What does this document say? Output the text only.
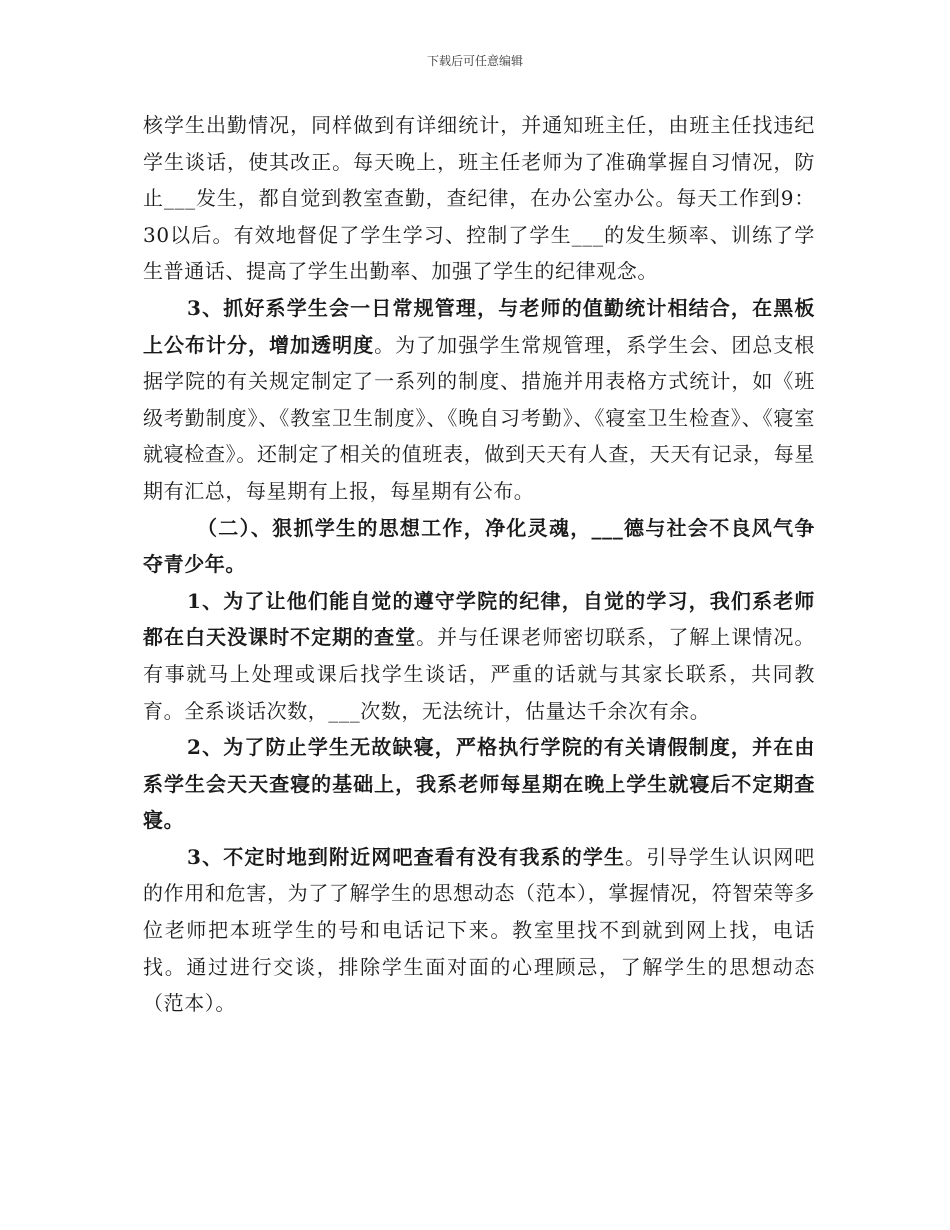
下载后可任意编辑

核学生出勤情况，同样做到有详细统计，并通知班主任，由班主任找违纪学生谈话，使其改正。每天晚上，班主任老师为了准确掌握自习情况，防止___发生，都自觉到教室查勤，查纪律，在办公室办公。每天工作到9：30以后。有效地督促了学生学习、控制了学生___的发生频率、训练了学生普通话、提高了学生出勤率、加强了学生的纪律观念。

3、抓好系学生会一日常规管理，与老师的值勤统计相结合，在黑板上公布计分，增加透明度。为了加强学生常规管理，系学生会、团总支根据学院的有关规定制定了一系列的制度、措施并用表格方式统计，如《班级考勤制度》、《教室卫生制度》、《晚自习考勤》、《寝室卫生检查》、《寝室就寝检查》。还制定了相关的值班表，做到天天有人查，天天有记录，每星期有汇总，每星期有上报，每星期有公布。

（二）、狠抓学生的思想工作，净化灵魂，___德与社会不良风气争夺青少年。

1、为了让他们能自觉的遵守学院的纪律，自觉的学习，我们系老师都在白天没课时不定期的查堂。并与任课老师密切联系，了解上课情况。有事就马上处理或课后找学生谈话，严重的话就与其家长联系，共同教育。全系谈话次数，___次数，无法统计，估量达千余次有余。

2、为了防止学生无故缺寝，严格执行学院的有关请假制度，并在由系学生会天天查寝的基础上，我系老师每星期在晚上学生就寝后不定期查寝。

3、不定时地到附近网吧查看有没有我系的学生。引导学生认识网吧的作用和危害，为了了解学生的思想动态（范本），掌握情况，符智荣等多位老师把本班学生的号和电话记下来。教室里找不到就到网上找，电话找。通过进行交谈，排除学生面对面的心理顾忌，了解学生的思想动态（范本）。
